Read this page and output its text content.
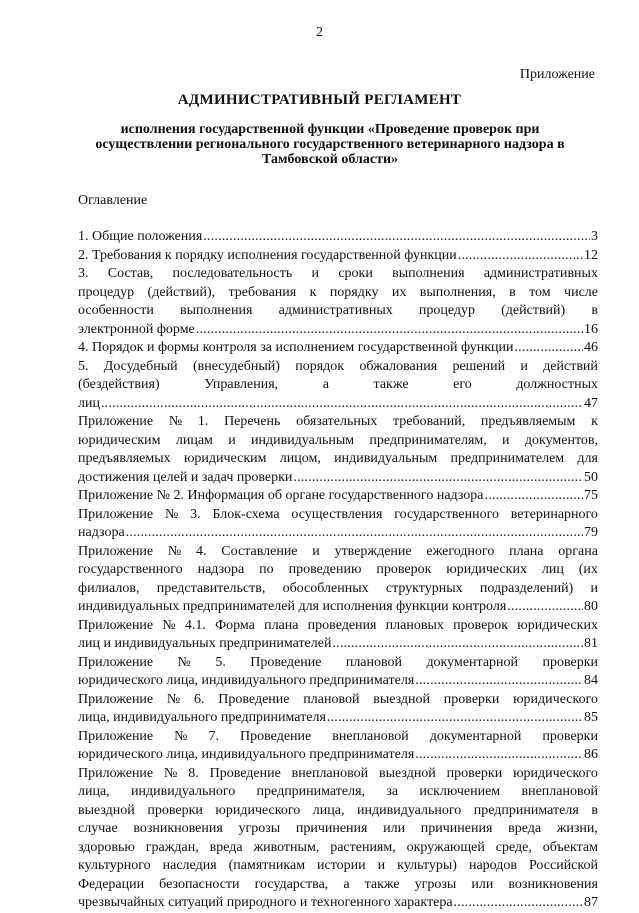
2
Приложение
АДМИНИСТРАТИВНЫЙ РЕГЛАМЕНТ
исполнения государственной функции «Проведение проверок при
осуществлении регионального государственного ветеринарного надзора в
Тамбовской области»
Оглавление
1. Общие положения .....	3
2. Требования к порядку исполнения государственной функции .....	12
3. Состав, последовательность и сроки выполнения административных
процедур (действий), требования к порядку их выполнения, в том числе
особенности выполнения административных процедур (действий) в
электронной форме .....	16
4. Порядок и формы контроля за исполнением государственной функции .....	46
5. Досудебный (внесудебный) порядок обжалования решений и действий
(бездействия)	Управления,	а	также	его	должностных
лиц .....	47
Приложение № 1. Перечень обязательных требований, предъявляемым к
юридическим лицам и индивидуальным предпринимателям, и документов,
предъявляемых юридическим лицом, индивидуальным предпринимателем для
достижения целей и задач проверки .....	50
Приложение № 2. Информация об органе государственного надзора .....	75
Приложение № 3. Блок-схема осуществления государственного ветеринарного
надзора .....	79
Приложение № 4. Составление и утверждение ежегодного плана органа
государственного надзора по проведению проверок юридических лиц (их
филиалов, представительств, обособленных структурных подразделений) и
индивидуальных предпринимателей для исполнения функции контроля .....	80
Приложение № 4.1. Форма плана проведения плановых проверок юридических
лиц и индивидуальных предпринимателей .....	81
Приложение № 5. Проведение плановой документарной проверки
юридического лица, индивидуального предпринимателя .....	84
Приложение № 6. Проведение плановой выездной проверки юридического
лица, индивидуального предпринимателя .....	85
Приложение № 7. Проведение внеплановой документарной проверки
юридического лица, индивидуального предпринимателя .....	86
Приложение № 8. Проведение внеплановой выездной проверки юридического
лица, индивидуального предпринимателя, за исключением внеплановой
выездной проверки юридического лица, индивидуального предпринимателя в
случае возникновения угрозы причинения или причинения вреда жизни,
здоровью граждан, вреда животным, растениям, окружающей среде, объектам
культурного наследия (памятникам истории и культуры) народов Российской
Федерации безопасности государства, а также угрозы или возникновения
чрезвычайных ситуаций природного и техногенного характера .....	87
